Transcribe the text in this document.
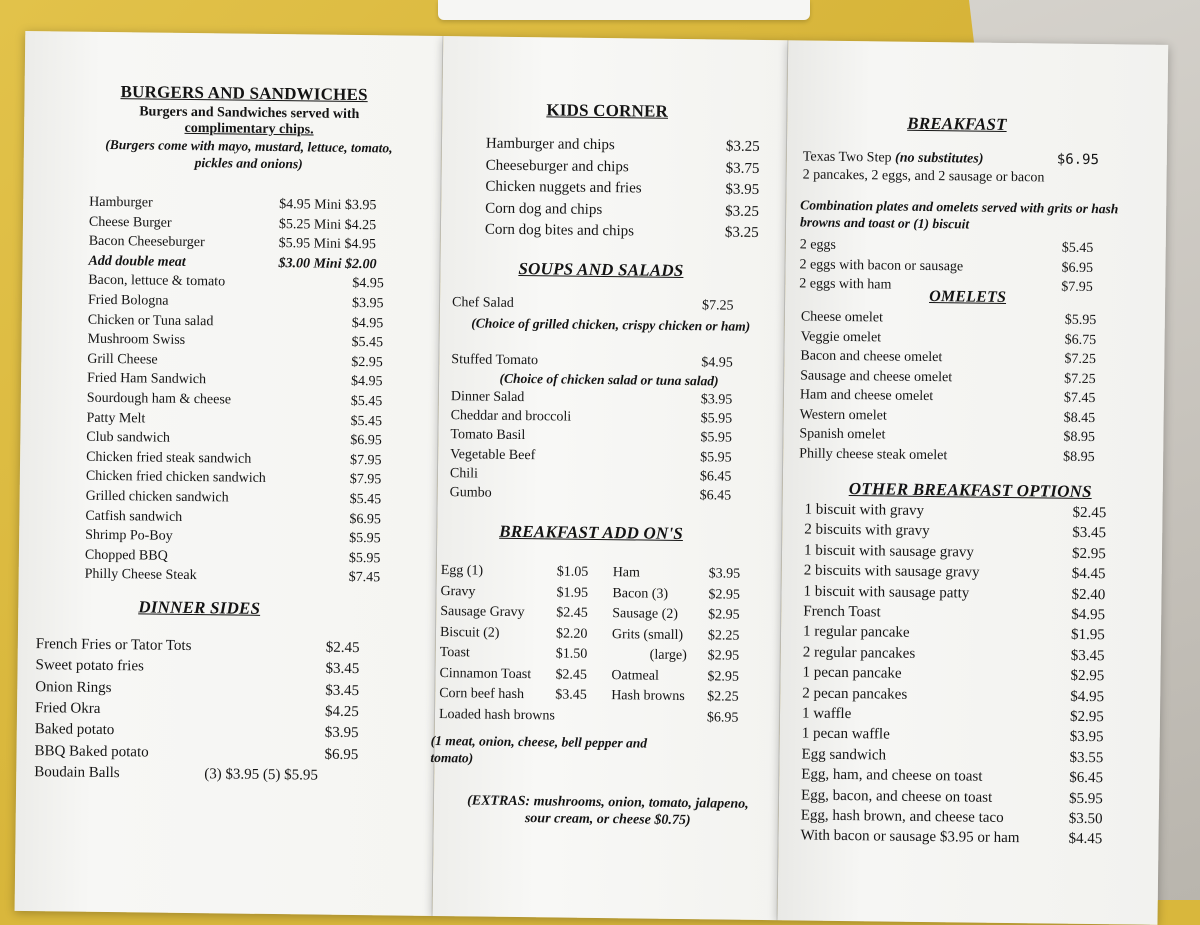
BURGERS AND SANDWICHES
Burgers and Sandwiches served with
complimentary chips.
(Burgers come with mayo, mustard, lettuce, tomato, pickles and onions)
Hamburger	$4.95 Mini $3.95
Cheese Burger	$5.25 Mini $4.25
Bacon Cheeseburger	$5.95 Mini $4.95
Add double meat	$3.00 Mini $2.00
Bacon, lettuce & tomato	$4.95
Fried Bologna	$3.95
Chicken or Tuna salad	$4.95
Mushroom Swiss	$5.45
Grill Cheese	$2.95
Fried Ham Sandwich	$4.95
Sourdough ham & cheese	$5.45
Patty Melt	$5.45
Club sandwich	$6.95
Chicken fried steak sandwich	$7.95
Chicken fried chicken sandwich	$7.95
Grilled chicken sandwich	$5.45
Catfish sandwich	$6.95
Shrimp Po-Boy	$5.95
Chopped BBQ	$5.95
Philly Cheese Steak	$7.45
DINNER SIDES
French Fries or Tator Tots	$2.45
Sweet potato fries	$3.45
Onion Rings	$3.45
Fried Okra	$4.25
Baked potato	$3.95
BBQ Baked potato	$6.95
Boudain Balls	(3) $3.95 (5) $5.95
KIDS CORNER
Hamburger and chips	$3.25
Cheeseburger and chips	$3.75
Chicken nuggets and fries	$3.95
Corn dog and chips	$3.25
Corn dog bites and chips	$3.25
SOUPS AND SALADS
Chef Salad	$7.25
(Choice of grilled chicken, crispy chicken or ham)
Stuffed Tomato	$4.95
(Choice of chicken salad or tuna salad)
Dinner Salad	$3.95
Cheddar and broccoli	$5.95
Tomato Basil	$5.95
Vegetable Beef	$5.95
Chili	$6.45
Gumbo	$6.45
BREAKFAST ADD ON'S
Egg (1)	$1.05
Gravy	$1.95
Sausage Gravy $2.45
Biscuit (2)	$2.20
Toast	$1.50
Cinnamon Toast $2.45
Corn beef hash $3.45
Loaded hash browns	$6.95
Ham	$3.95
Bacon (3)	$2.95
Sausage (2) $2.95
Grits (small) $2.25
(large) $2.95
Oatmeal	$2.95
Hash browns $2.25
(1 meat, onion, cheese, bell pepper and tomato)
(EXTRAS: mushrooms, onion, tomato, jalapeno, sour cream, or cheese $0.75)
BREAKFAST
Texas Two Step (no substitutes)	$6.95
2 pancakes, 2 eggs, and 2 sausage or bacon
Combination plates and omelets served with grits or hash browns and toast or (1) biscuit
2 eggs	$5.45
2 eggs with bacon or sausage	$6.95
2 eggs with ham	$7.95
OMELETS
Cheese omelet	$5.95
Veggie omelet	$6.75
Bacon and cheese omelet	$7.25
Sausage and cheese omelet	$7.25
Ham and cheese omelet	$7.45
Western omelet	$8.45
Spanish omelet	$8.95
Philly cheese steak omelet	$8.95
OTHER BREAKFAST OPTIONS
1 biscuit with gravy	$2.45
2 biscuits with gravy	$3.45
1 biscuit with sausage gravy	$2.95
2 biscuits with sausage gravy	$4.45
1 biscuit with sausage patty	$2.40
French Toast	$4.95
1 regular pancake	$1.95
2 regular pancakes	$3.45
1 pecan pancake	$2.95
2 pecan pancakes	$4.95
1 waffle	$2.95
1 pecan waffle	$3.95
Egg sandwich	$3.55
Egg, ham, and cheese on toast	$6.45
Egg, bacon, and cheese on toast	$5.95
Egg, hash brown, and cheese taco	$3.50
With bacon or sausage $3.95 or ham	$4.45
